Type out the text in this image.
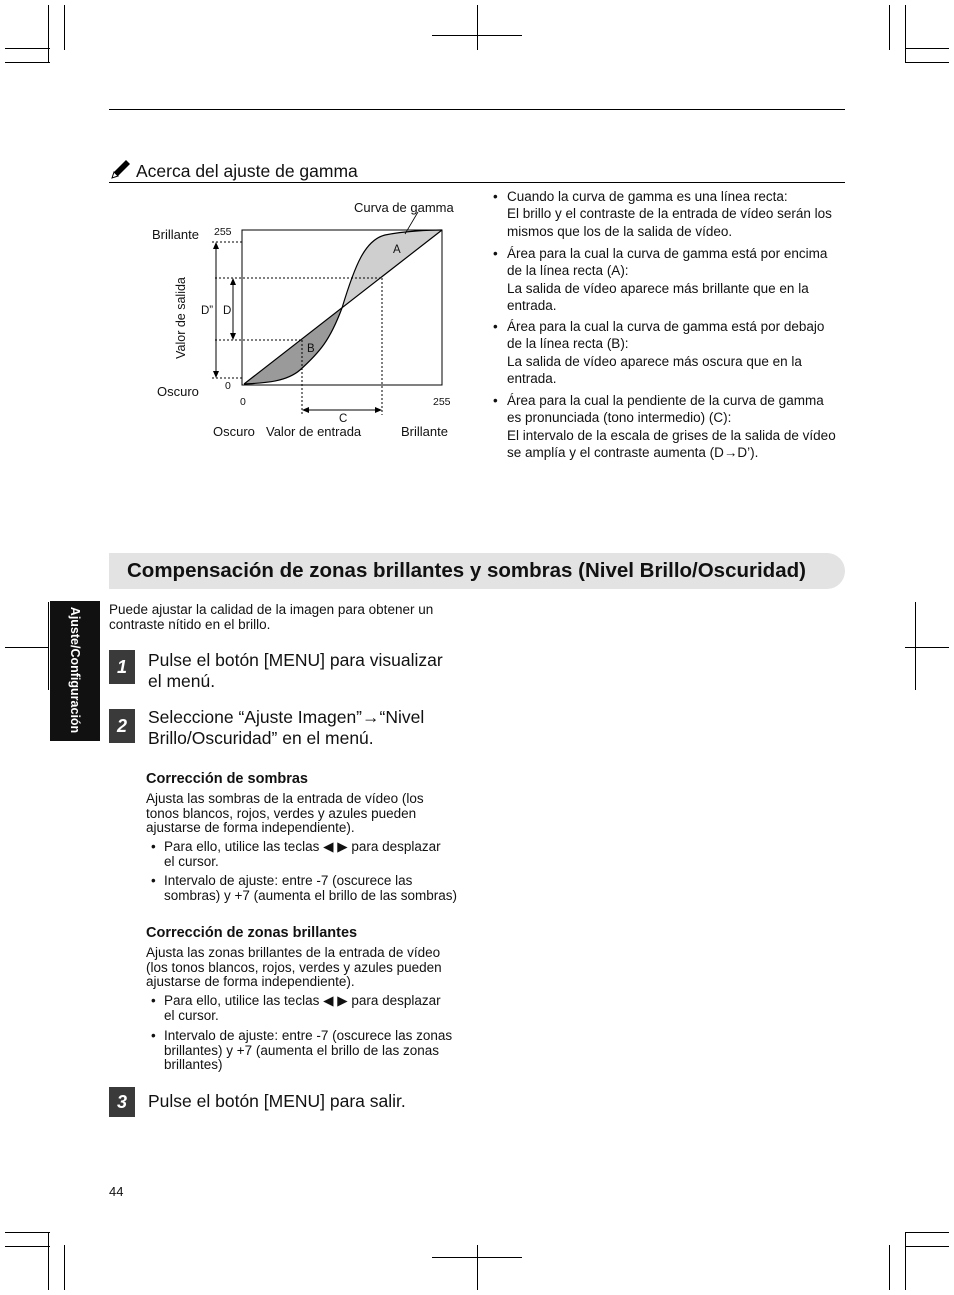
Acerca del ajuste de gamma
Curva de gamma
Brillante 255
A
B
D” D
Valor de salida
Oscuro 0
0	255
C
Oscuro Valor de entrada	Brillante
• Cuando la curva de gamma es una línea recta:
El brillo y el contraste de la entrada de vídeo serán los
mismos que los de la salida de vídeo.
• Área para la cual la curva de gamma está por encima
de la línea recta (A):
La salida de vídeo aparece más brillante que en la
entrada.
• Área para la cual la curva de gamma está por debajo
de la línea recta (B):
La salida de vídeo aparece más oscura que en la
entrada.
• Área para la cual la pendiente de la curva de gamma
es pronunciada (tono intermedio) (C):
El intervalo de la escala de grises de la salida de vídeo
se amplía y el contraste aumenta (D→D’).
Compensación de zonas brillantes y sombras (Nivel Brillo/Oscuridad)
Ajuste/Configuración Puede ajustar la calidad de la imagen para obtener un
contraste nítido en el brillo.
1	Pulse el botón [MENU] para visualizar
el menú.
2	Seleccione “Ajuste Imagen”→“Nivel
Brillo/Oscuridad” en el menú.
Corrección de sombras
Ajusta las sombras de la entrada de vídeo (los
tonos blancos, rojos, verdes y azules pueden
ajustarse de forma independiente).
• Para ello, utilice las teclas ◀ ▶ para desplazar
el cursor.
• Intervalo de ajuste: entre -7 (oscurece las
sombras) y +7 (aumenta el brillo de las sombras)
Corrección de zonas brillantes
Ajusta las zonas brillantes de la entrada de vídeo
(los tonos blancos, rojos, verdes y azules pueden
ajustarse de forma independiente).
• Para ello, utilice las teclas ◀ ▶ para desplazar
el cursor.
• Intervalo de ajuste: entre -7 (oscurece las zonas
brillantes) y +7 (aumenta el brillo de las zonas
brillantes)
3	Pulse el botón [MENU] para salir.
44
